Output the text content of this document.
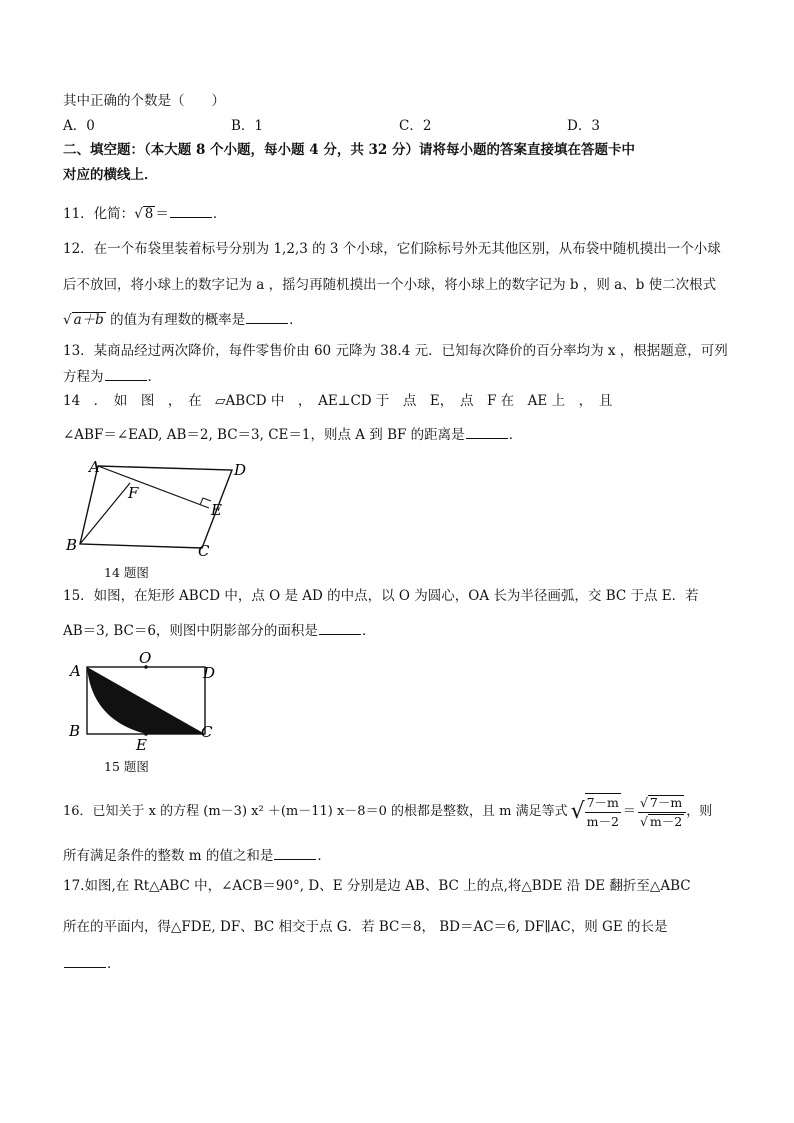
其中正确的个数是（　　）
A．0	B．1	C．2	D．3
二、填空题：（本大题 8 个小题，每小题 4 分，共 32 分）请将每小题的答案直接填在答题卡中
对应的横线上．
11．化简：√ 8 ＝	．
12．在一个布袋里装着标号分别为 1,2,3 的 3 个小球，它们除标号外无其他区别，从布袋中随机摸出一个小球
后不放回，将小球上的数字记为 a ，摇匀再随机摸出一个小球，将小球上的数字记为 b ，则 a、b 使二次根式
√ a＋b 的值为有理数的概率是	．
13．某商品经过两次降价，每件零售价由 60 元降为 38.4 元．已知每次降价的百分率均为 x ，根据题意，可列
方程为	．
14　．　如　图　，　在　▱ABCD 中　，　AE⊥CD 于　点　E，　点　F 在　AE 上　，　且
∠ABF＝∠EAD, AB＝2, BC＝3, CE＝1，则点 A 到 BF 的距离是	．
A	D
F
E
B	C
14 题图
15．如图，在矩形 ABCD 中，点 O 是 AD 的中点，以 O 为圆心，OA 长为半径画弧，交 BC 于点 E．若
AB＝3, BC＝6，则图中阴影部分的面积是	．
O
A	D
B	C
E
15 题图
16．已知关于 x 的方程 (m－3) x² ＋(m－11) x－8＝0 的根都是整数，且 m 满足等式 √ $\frac{7-m}{m-2} = \frac{√ 7-m}{√ m-2}$ ，则
所有满足条件的整数 m 的值之和是	．
17.如图,在 Rt△ABC 中，∠ACB＝90°, D、E 分别是边 AB、BC 上的点,将△BDE 沿 DE 翻折至△ABC
所在的平面内，得△FDE, DF、BC 相交于点 G．若 BC＝8， BD＝AC＝6, DF∥AC，则 GE 的长是
．
